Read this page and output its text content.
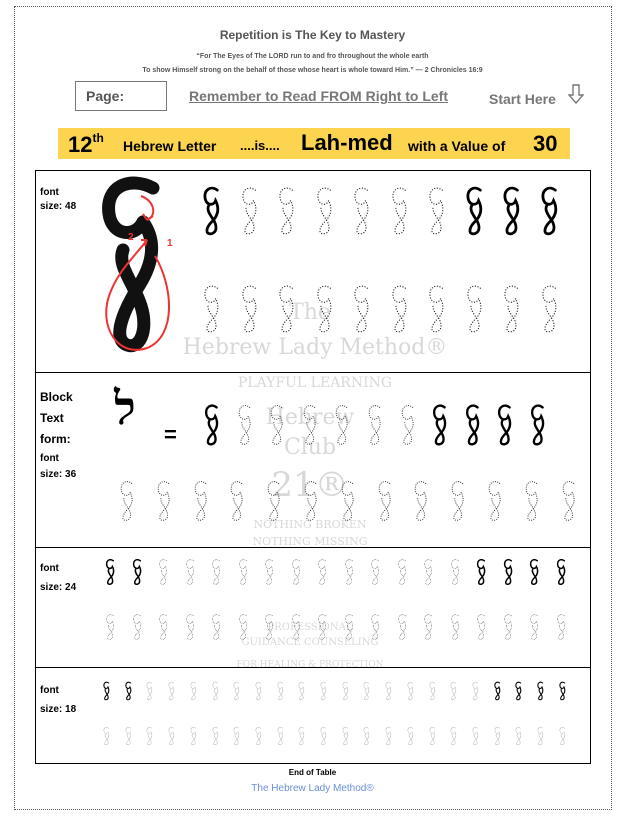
The
Hebrew Lady Method®
PLAYFUL LEARNING
Hebrew
Club
21®
NOTHING BROKEN
NOTHING MISSING
PROFESSIONAL
GUIDANCE COUNSELING
FOR HEALING & PROTECTION
Repetition is The Key to Mastery
“For The Eyes of The LORD run to and fro throughout the whole earth
To show Himself strong on the behalf of those whose heart is whole toward Him.” — 2 Chronicles 16:9
Page:	Remember to Read FROM Right to Left	Start Here
12th Hebrew Letter ....is.... Lah-med with a Value of 30
font
size: 48
Block
Text
form:
font
size: 36
font
size: 24
font
size: 18
1
2
ל	=
End of Table
The Hebrew Lady Method®
